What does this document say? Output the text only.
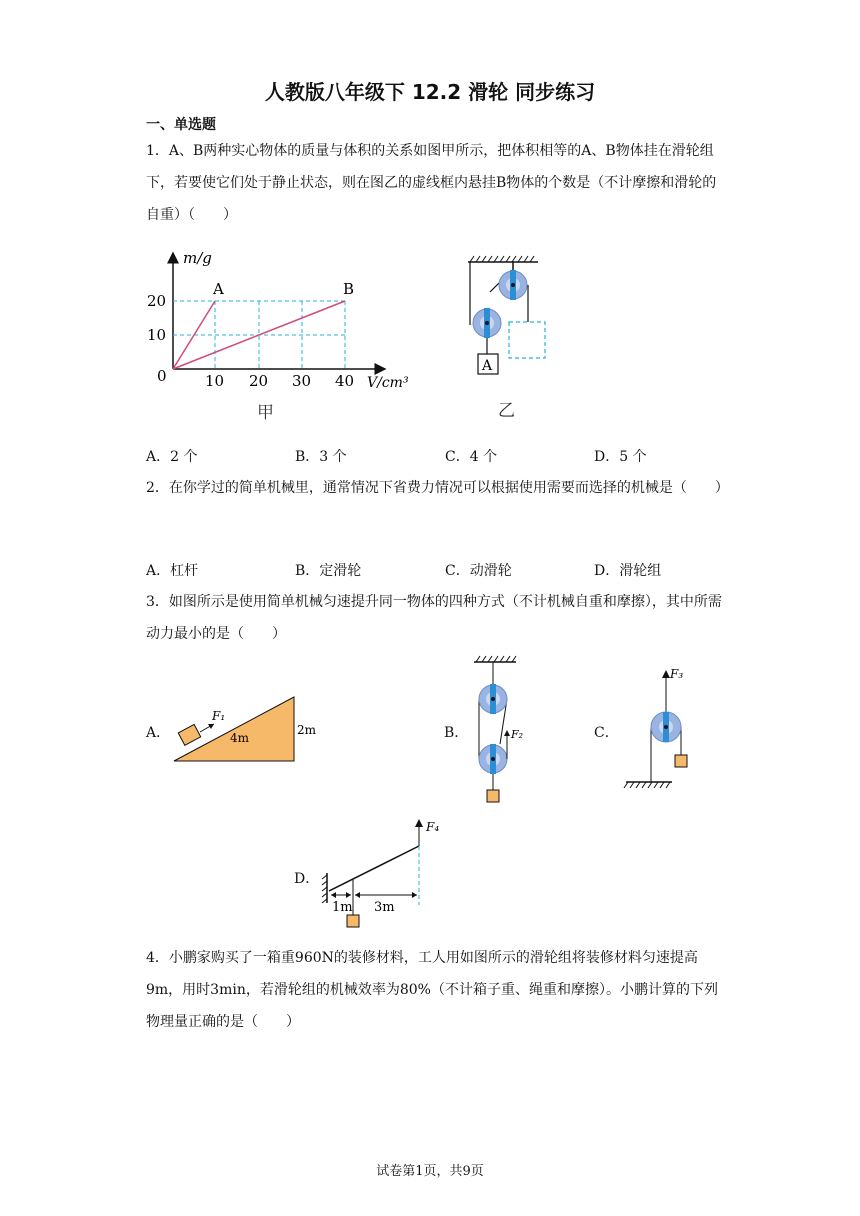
人教版八年级下 12.2 滑轮 同步练习
一、单选题
1．A、B两种实心物体的质量与体积的关系如图甲所示，把体积相等的A、B物体挂在滑轮组下，若要使它们处于静止状态，则在图乙的虚线框内悬挂B物体的个数是（不计摩擦和滑轮的自重）（　　）
m/g
V/cm³
0
20
10
10 20 30 40
A	B
甲
A
乙
A．2 个	B．3 个	C．4 个	D．5 个
2．在你学过的简单机械里，通常情况下省费力情况可以根据使用需要而选择的机械是（　　）
A．杠杆	B．定滑轮	C．动滑轮	D．滑轮组
3．如图所示是使用简单机械匀速提升同一物体的四种方式（不计机械自重和摩擦），其中所需动力最小的是（　　）
A．
F₁
4m
2m	B．	F₂	C．
F₃
D．
F₄
1m 3m
4．小鹏家购买了一箱重960N的装修材料，工人用如图所示的滑轮组将装修材料匀速提高9m，用时3min，若滑轮组的机械效率为80%（不计箱子重、绳重和摩擦）。小鹏计算的下列物理量正确的是（　　）
试卷第1页，共9页
